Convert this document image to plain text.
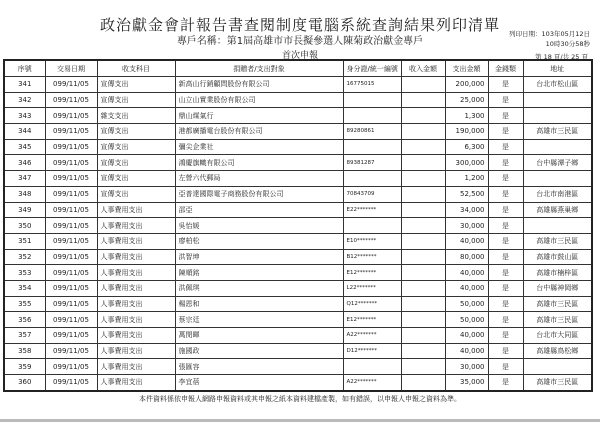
政治獻金會計報告書查閱制度電腦系統查詢結果列印清單
專戶名稱：第1屆高雄市市長擬參選人陳菊政治獻金專戶
首次申報
列印日期：103年05月12日
10時30分58秒
第 18 頁/共 25 頁
序號	交易日期	收支科目	捐贈者/支出對象	身分證/統一編號	收入金額	支出金額	金錢類	地址
341	099/11/05	宣傳支出	新高山行銷顧問股份有限公司	16775015		200,000	是	台北市松山區
342	099/11/05	宣傳支出	山立山實業股份有限公司			25,000	是	
343	099/11/05	雜支支出	鼎山煤氣行			1,300	是	
344	099/11/05	宣傳支出	港都廣播電台股份有限公司	89280861		190,000	是	高雄市三民區
345	099/11/05	宣傳支出	彌尖企業社			6,300	是	
346	099/11/05	宣傳支出	鴻慶旗幟有限公司	89381287		300,000	是	台中縣潭子鄉
347	099/11/05	宣傳支出	左營六代郵局			1,200	是	
348	099/11/05	宣傳支出	亞普達國際電子商務股份有限公司	70843709		52,500	是	台北市南港區
349	099/11/05	人事費用支出	邵亞	E22*******		34,000	是	高雄縣燕巢鄉
350	099/11/05	人事費用支出	吳怡媛			30,000	是	
351	099/11/05	人事費用支出	廖柏松	E10*******		40,000	是	高雄市三民區
352	099/11/05	人事費用支出	洪智坤	B12*******		80,000	是	高雄市鼓山區
353	099/11/05	人事費用支出	陳順銘	E12*******		40,000	是	高雄市楠梓區
354	099/11/05	人事費用支出	洪佩琪	L22*******		40,000	是	台中縣神岡鄉
355	099/11/05	人事費用支出	楊恩和	Q12*******		50,000	是	高雄市三民區
356	099/11/05	人事費用支出	蔡宗廷	E12*******		50,000	是	高雄市三民區
357	099/11/05	人事費用支出	萬閔暉	A22*******		40,000	是	台北市大同區
358	099/11/05	人事費用支出	施國政	D12*******		40,000	是	高雄縣鳥松鄉
359	099/11/05	人事費用支出	張匯容			30,000	是	
360	099/11/05	人事費用支出	李宜蓓	A22*******		35,000	是	高雄市三民區
本件資料係依申報人網路申報資料或其申報之紙本資料建檔產製，如有錯誤，以申報人申報之資料為準。
